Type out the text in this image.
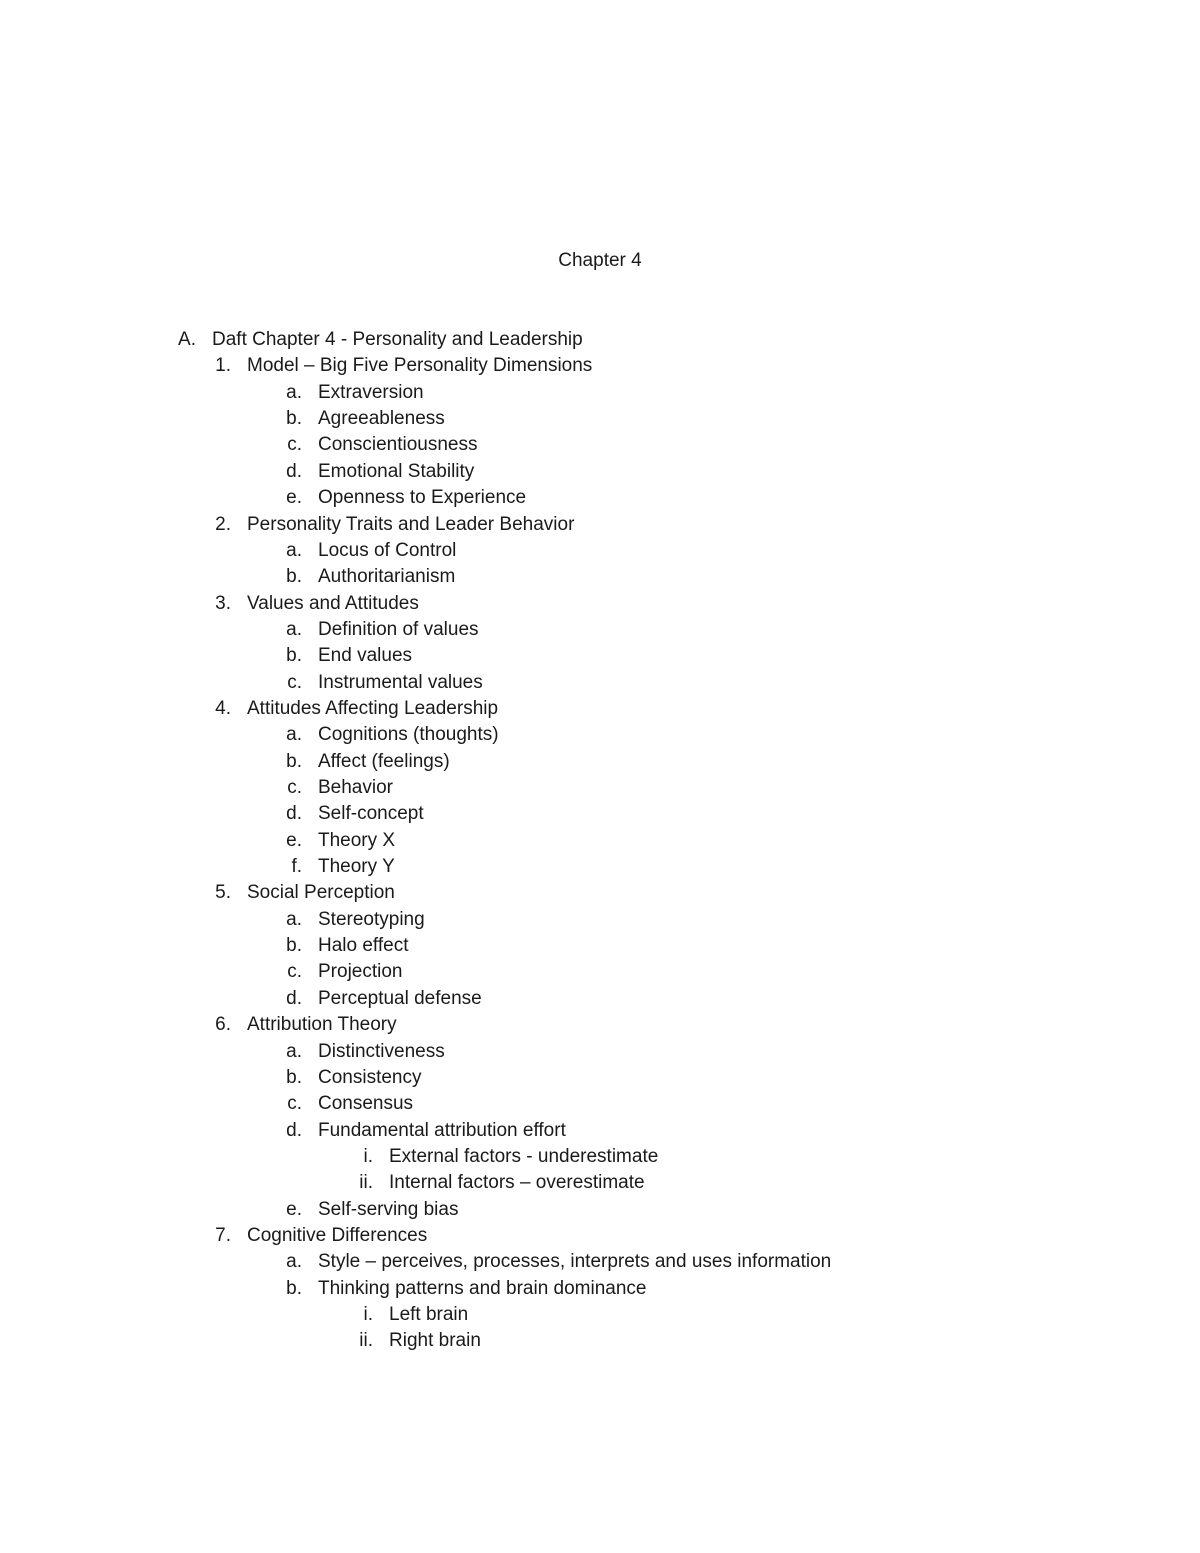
Chapter 4
A. Daft Chapter 4 - Personality and Leadership
1. Model – Big Five Personality Dimensions
a. Extraversion
b. Agreeableness
c. Conscientiousness
d. Emotional Stability
e. Openness to Experience
2. Personality Traits and Leader Behavior
a. Locus of Control
b. Authoritarianism
3. Values and Attitudes
a. Definition of values
b. End values
c. Instrumental values
4. Attitudes Affecting Leadership
a. Cognitions (thoughts)
b. Affect (feelings)
c. Behavior
d. Self-concept
e. Theory X
f. Theory Y
5. Social Perception
a. Stereotyping
b. Halo effect
c. Projection
d. Perceptual defense
6. Attribution Theory
a. Distinctiveness
b. Consistency
c. Consensus
d. Fundamental attribution effort
i. External factors - underestimate
ii. Internal factors – overestimate
e. Self-serving bias
7. Cognitive Differences
a. Style – perceives, processes, interprets and uses information
b. Thinking patterns and brain dominance
i. Left brain
ii. Right brain
